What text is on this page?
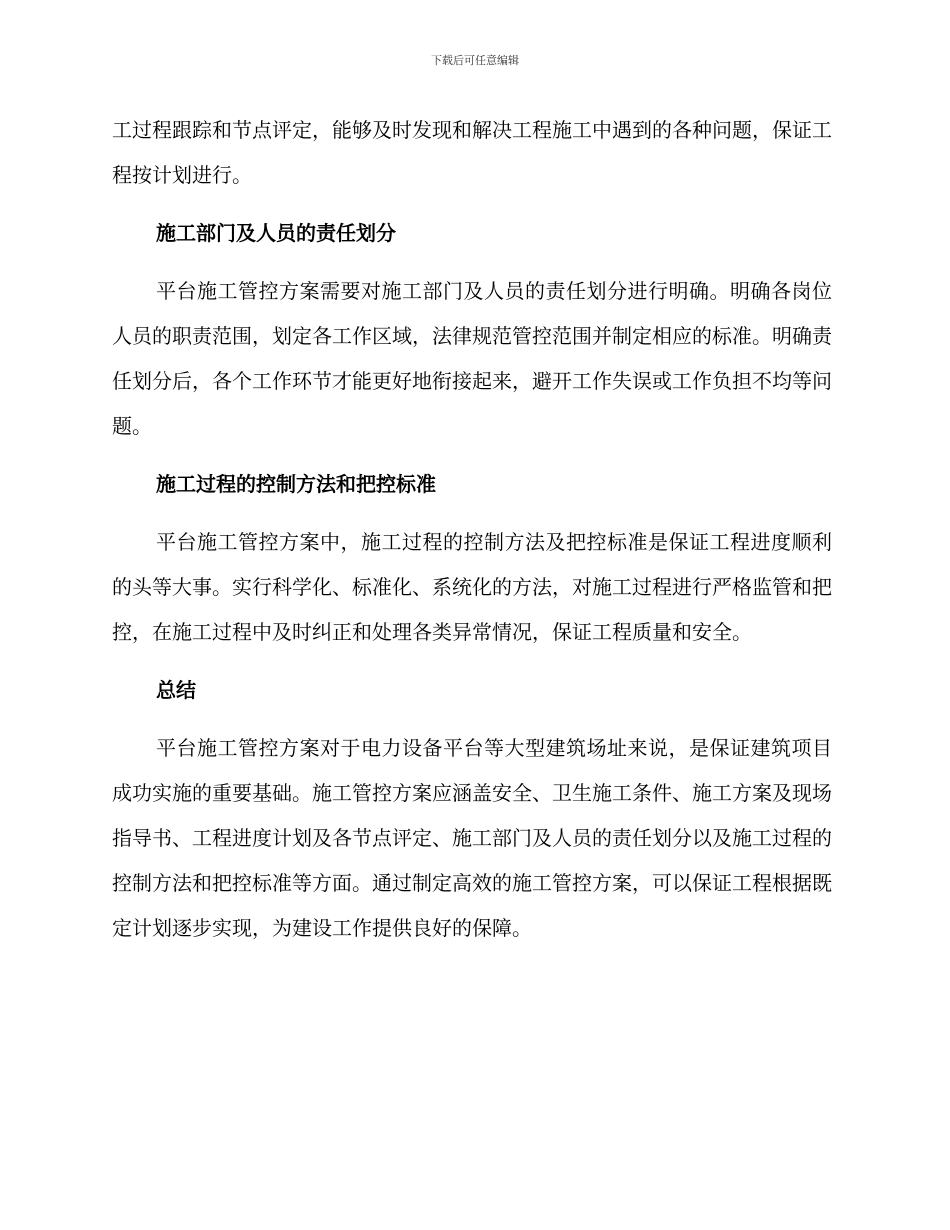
下载后可任意编辑

工过程跟踪和节点评定，能够及时发现和解决工程施工中遇到的各种问题，保证工程按计划进行。

施工部门及人员的责任划分

平台施工管控方案需要对施工部门及人员的责任划分进行明确。明确各岗位人员的职责范围，划定各工作区域，法律规范管控范围并制定相应的标准。明确责任划分后，各个工作环节才能更好地衔接起来，避开工作失误或工作负担不均等问题。

施工过程的控制方法和把控标准

平台施工管控方案中，施工过程的控制方法及把控标准是保证工程进度顺利的头等大事。实行科学化、标准化、系统化的方法，对施工过程进行严格监管和把控，在施工过程中及时纠正和处理各类异常情况，保证工程质量和安全。

总结

平台施工管控方案对于电力设备平台等大型建筑场址来说，是保证建筑项目成功实施的重要基础。施工管控方案应涵盖安全、卫生施工条件、施工方案及现场指导书、工程进度计划及各节点评定、施工部门及人员的责任划分以及施工过程的控制方法和把控标准等方面。通过制定高效的施工管控方案，可以保证工程根据既定计划逐步实现，为建设工作提供良好的保障。
